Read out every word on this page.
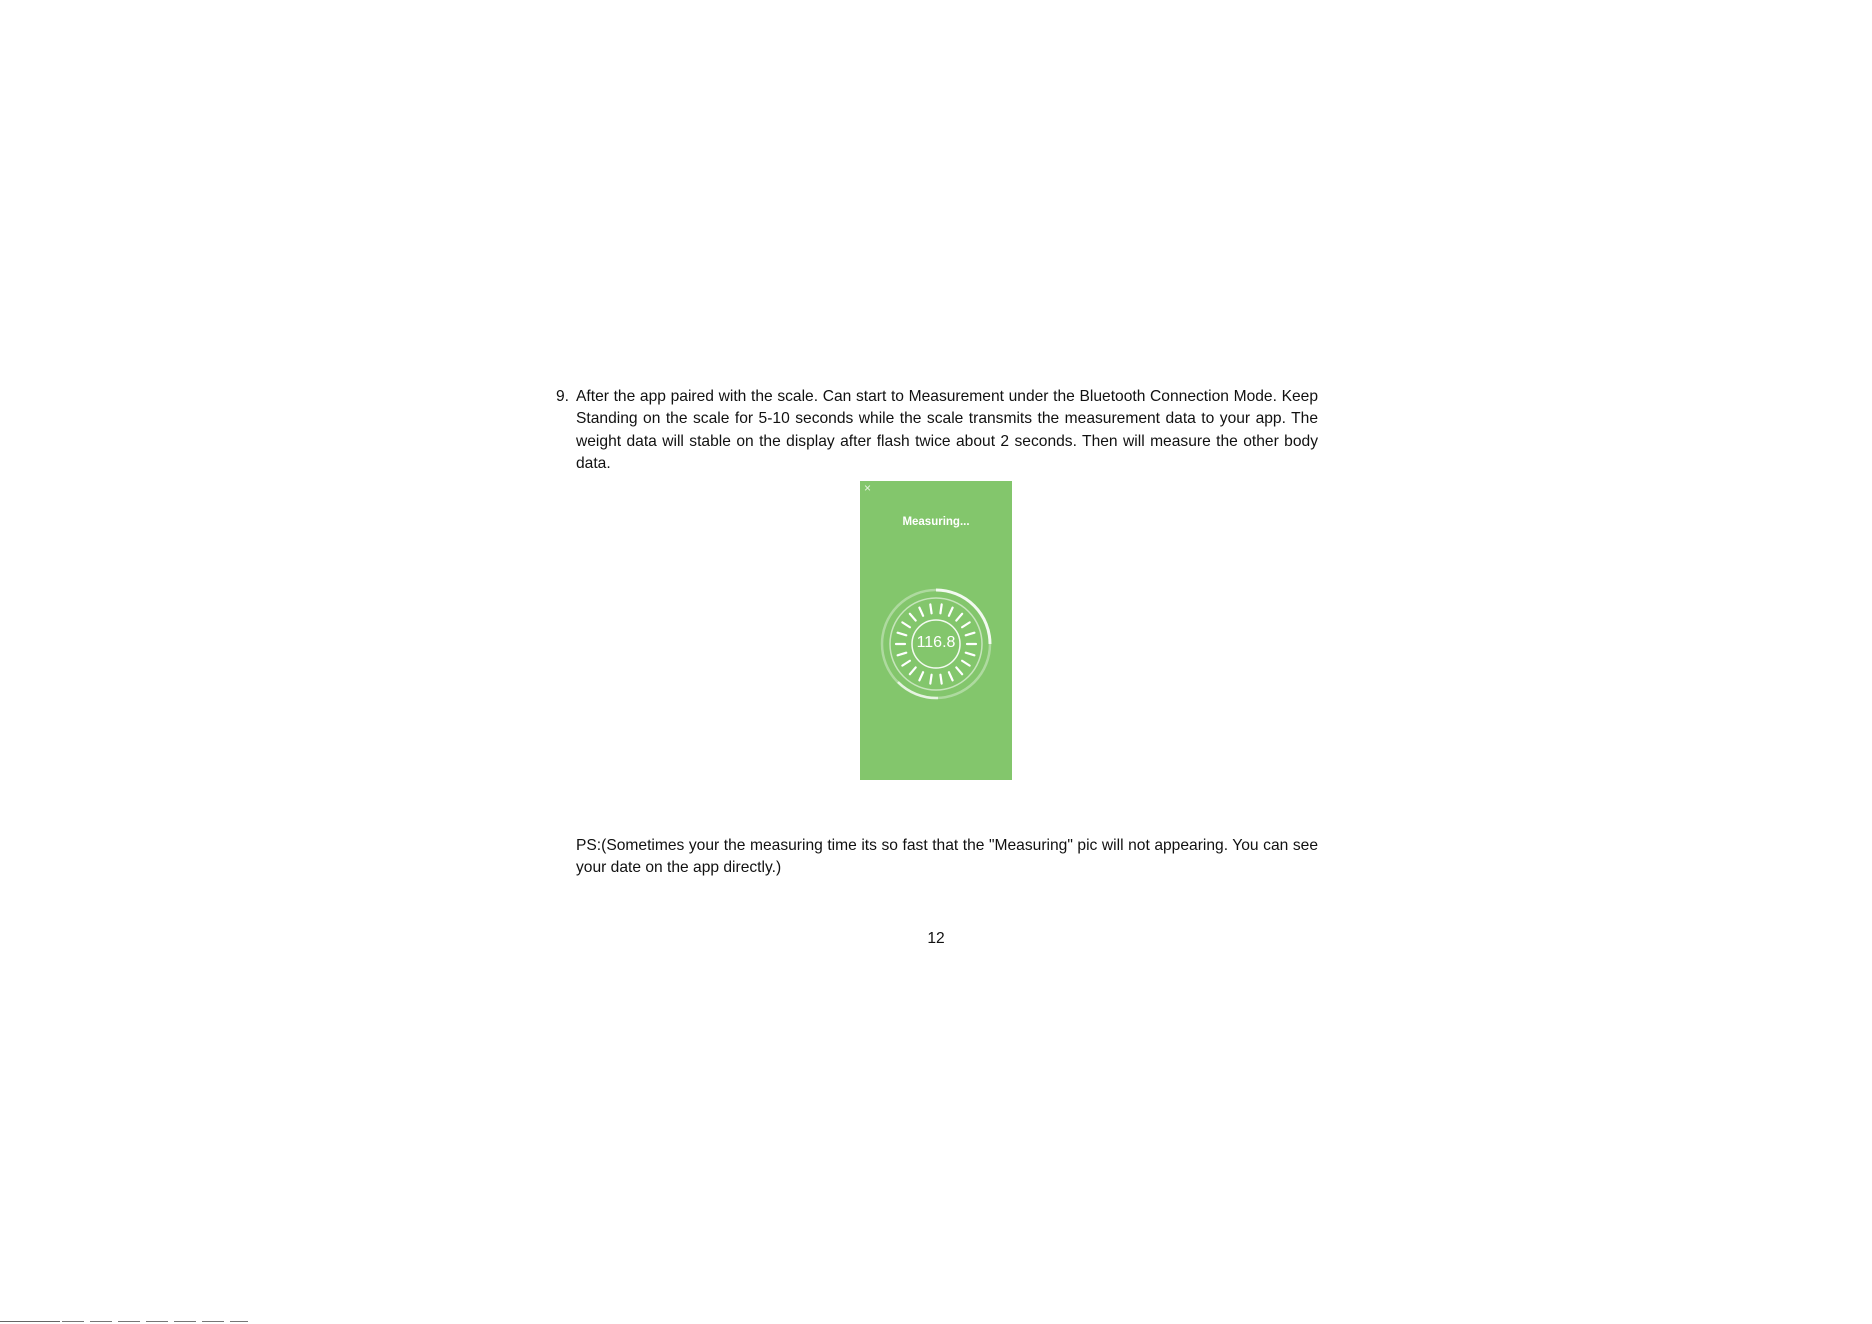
9. After the app paired with the scale. Can start to Measurement under the Bluetooth Connection Mode. Keep Standing on the scale for 5-10 seconds while the scale transmits the measurement data to your app. The weight data will stable on the display after flash twice about 2 seconds. Then will measure the other body data.
×
Measuring...
116.8
PS:(Sometimes your the measuring time its so fast that the "Measuring" pic will not appearing. You can see your date on the app directly.)
12
